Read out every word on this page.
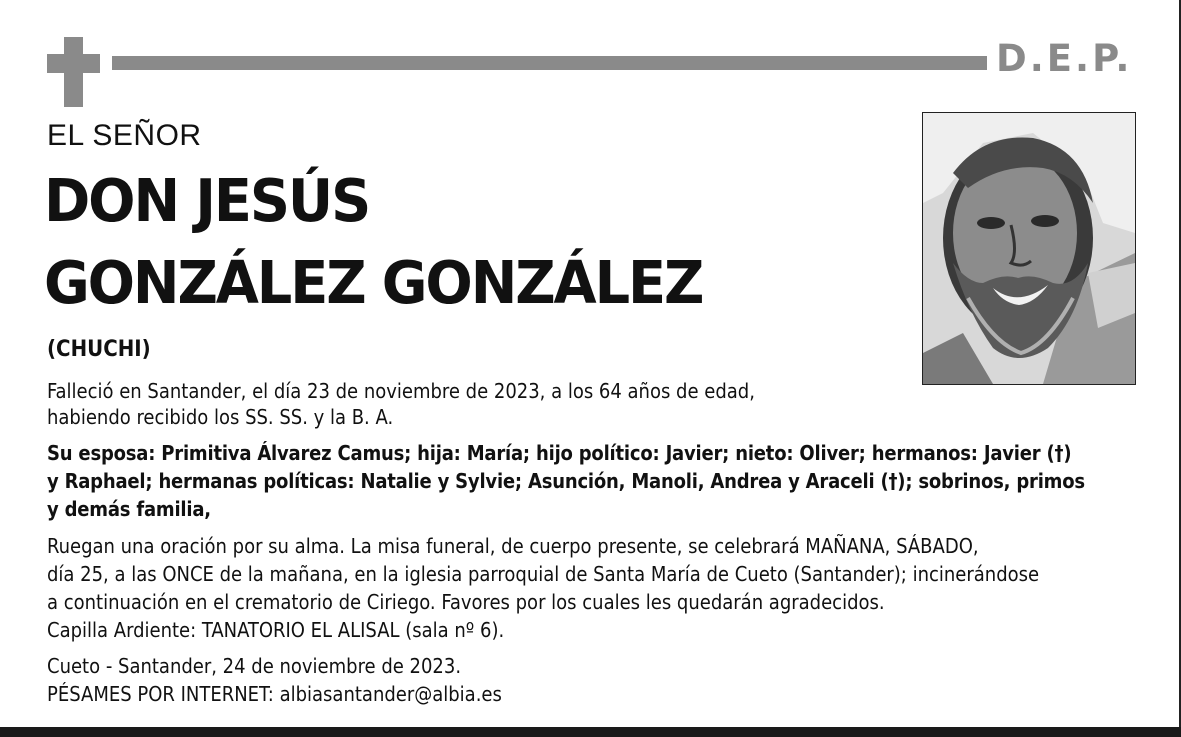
D.E.P.
EL SEÑOR
DON JESÚS
GONZÁLEZ GONZÁLEZ
(CHUCHI)
Falleció en Santander, el día 23 de noviembre de 2023, a los 64 años de edad,
habiendo recibido los SS. SS. y la B. A.
Su esposa: Primitiva Álvarez Camus; hija: María; hijo político: Javier; nieto: Oliver; hermanos: Javier (†)
y Raphael; hermanas políticas: Natalie y Sylvie; Asunción, Manoli, Andrea y Araceli (†); sobrinos, primos
y demás familia,
Ruegan una oración por su alma. La misa funeral, de cuerpo presente, se celebrará MAÑANA, SÁBADO,
día 25, a las ONCE de la mañana, en la iglesia parroquial de Santa María de Cueto (Santander); incinerándose
a continuación en el crematorio de Ciriego. Favores por los cuales les quedarán agradecidos.
Capilla Ardiente: TANATORIO EL ALISAL (sala nº 6).
Cueto - Santander, 24 de noviembre de 2023.
PÉSAMES POR INTERNET: albiasantander@albia.es
